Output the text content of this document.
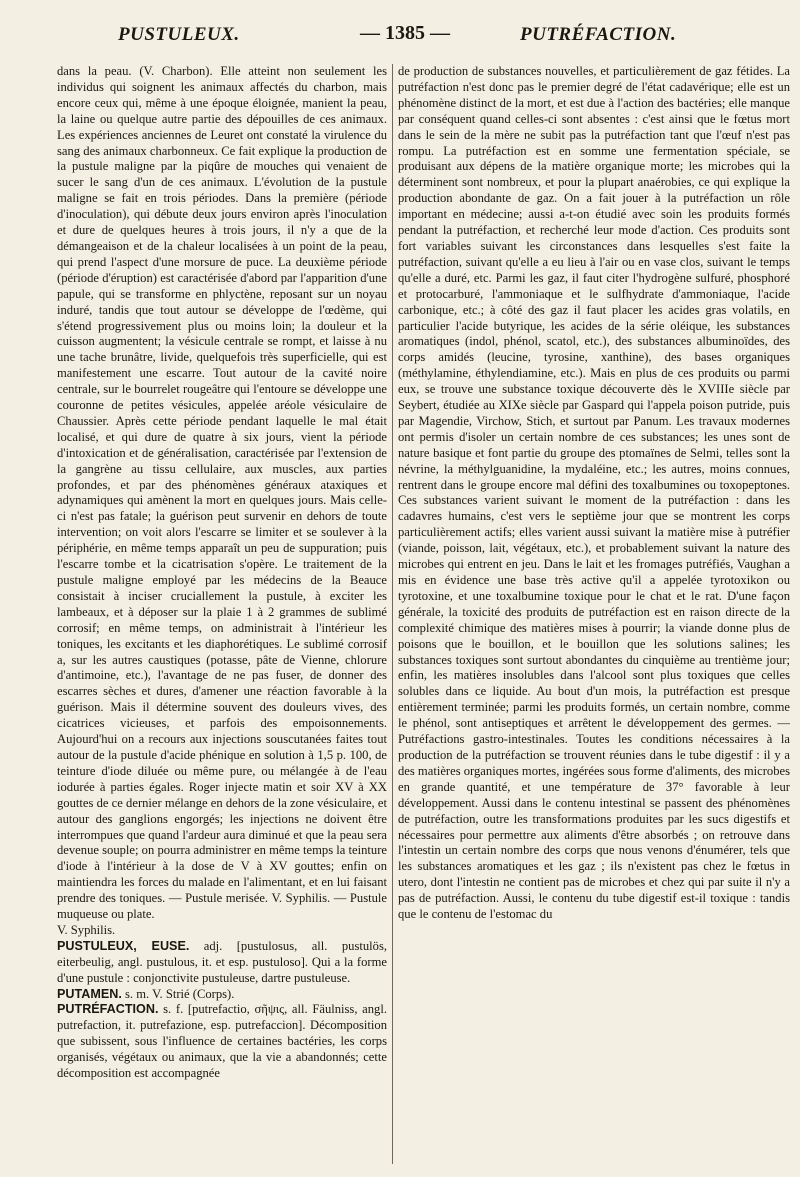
PUSTULEUX.	— 1385 —	PUTRÉFACTION.

dans la peau. (V. Charbon). Elle atteint non seulement les individus qui soignent les animaux affectés du charbon, mais encore ceux qui, même à une époque éloignée, manient la peau, la laine ou quelque autre partie des dépouilles de ces animaux. Les expériences anciennes de Leuret ont constaté la virulence du sang des animaux charbonneux. Ce fait explique la production de la pustule maligne par la piqûre de mouches qui venaient de sucer le sang d'un de ces animaux. L'évolution de la pustule maligne se fait en trois périodes. Dans la première (période d'inoculation), qui débute deux jours environ après l'inoculation et dure de quelques heures à trois jours, il n'y a que de la démangeaison et de la chaleur localisées à un point de la peau, qui prend l'aspect d'une morsure de puce. La deuxième période (période d'éruption) est caractérisée d'abord par l'apparition d'une papule, qui se transforme en phlyctène, reposant sur un noyau induré, tandis que tout autour se développe de l'œdème, qui s'étend progressivement plus ou moins loin; la douleur et la cuisson augmentent; la vésicule centrale se rompt, et laisse à nu une tache brunâtre, livide, quelquefois très superficielle, qui est manifestement une escarre. Tout autour de la cavité noire centrale, sur le bourrelet rougeâtre qui l'entoure se développe une couronne de petites vésicules, appelée aréole vésiculaire de Chaussier. Après cette période pendant laquelle le mal était localisé, et qui dure de quatre à six jours, vient la période d'intoxication et de généralisation, caractérisée par l'extension de la gangrène au tissu cellulaire, aux muscles, aux parties profondes, et par des phénomènes généraux ataxiques et adynamiques qui amènent la mort en quelques jours. Mais celle-ci n'est pas fatale; la guérison peut survenir en dehors de toute intervention; on voit alors l'escarre se limiter et se soulever à la périphérie, en même temps apparaît un peu de suppuration; puis l'escarre tombe et la cicatrisation s'opère. Le traitement de la pustule maligne employé par les médecins de la Beauce consistait à inciser cruciallement la pustule, à exciter les lambeaux, et à déposer sur la plaie 1 à 2 grammes de sublimé corrosif; en même temps, on administrait à l'intérieur les toniques, les excitants et les diaphorétiques. Le sublimé corrosif a, sur les autres caustiques (potasse, pâte de Vienne, chlorure d'antimoine, etc.), l'avantage de ne pas fuser, de donner des escarres sèches et dures, d'amener une réaction favorable à la guérison. Mais il détermine souvent des douleurs vives, des cicatrices vicieuses, et parfois des empoisonnements. Aujourd'hui on a recours aux injections souscutanées faites tout autour de la pustule d'acide phénique en solution à 1,5 p. 100, de teinture d'iode diluée ou même pure, ou mélangée à de l'eau iodurée à parties égales. Roger injecte matin et soir XV à XX gouttes de ce dernier mélange en dehors de la zone vésiculaire, et autour des ganglions engorgés; les injections ne doivent être interrompues que quand l'ardeur aura diminué et que la peau sera devenue souple; on pourra administrer en même temps la teinture d'iode à l'intérieur à la dose de V à XV gouttes; enfin on maintiendra les forces du malade en l'alimentant, et en lui faisant prendre des toniques. — Pustule merisée. V. Syphilis. — Pustule muqueuse ou plate.

V. Syphilis.

PUSTULEUX, EUSE. adj. [pustulosus, all. pustulös, eiterbeulig, angl. pustulous, it. et esp. pustuloso]. Qui a la forme d'une pustule : conjonctivite pustuleuse, dartre pustuleuse.

PUTAMEN. s. m. V. Strié (Corps).

PUTRÉFACTION. s. f. [putrefactio, σῆψις, all. Fäulniss, angl. putrefaction, it. putrefazione, esp. putrefaccion]. Décomposition que subissent, sous l'influence de certaines bactéries, les corps organisés, végétaux ou animaux, que la vie a abandonnés; cette décomposition est accompagnée

de production de substances nouvelles, et particulièrement de gaz fétides. La putréfaction n'est donc pas le premier degré de l'état cadavérique; elle est un phénomène distinct de la mort, et est due à l'action des bactéries; elle manque par conséquent quand celles-ci sont absentes : c'est ainsi que le fœtus mort dans le sein de la mère ne subit pas la putréfaction tant que l'œuf n'est pas rompu. La putréfaction est en somme une fermentation spéciale, se produisant aux dépens de la matière organique morte; les microbes qui la déterminent sont nombreux, et pour la plupart anaérobies, ce qui explique la production abondante de gaz. On a fait jouer à la putréfaction un rôle important en médecine; aussi a-t-on étudié avec soin les produits formés pendant la putréfaction, et recherché leur mode d'action. Ces produits sont fort variables suivant les circonstances dans lesquelles s'est faite la putréfaction, suivant qu'elle a eu lieu à l'air ou en vase clos, suivant le temps qu'elle a duré, etc. Parmi les gaz, il faut citer l'hydrogène sulfuré, phosphoré et protocarburé, l'ammoniaque et le sulfhydrate d'ammoniaque, l'acide carbonique, etc.; à côté des gaz il faut placer les acides gras volatils, en particulier l'acide butyrique, les acides de la série oléique, les substances aromatiques (indol, phénol, scatol, etc.), des substances albuminoïdes, des corps amidés (leucine, tyrosine, xanthine), des bases organiques (méthylamine, éthylendiamine, etc.). Mais en plus de ces produits ou parmi eux, se trouve une substance toxique découverte dès le XVIIIe siècle par Seybert, étudiée au XIXe siècle par Gaspard qui l'appela poison putride, puis par Magendie, Virchow, Stich, et surtout par Panum. Les travaux modernes ont permis d'isoler un certain nombre de ces substances; les unes sont de nature basique et font partie du groupe des ptomaïnes de Selmi, telles sont la névrine, la méthylguanidine, la mydaléine, etc.; les autres, moins connues, rentrent dans le groupe encore mal défini des toxalbumines ou toxopeptones. Ces substances varient suivant le moment de la putréfaction : dans les cadavres humains, c'est vers le septième jour que se montrent les corps particulièrement actifs; elles varient aussi suivant la matière mise à putréfier (viande, poisson, lait, végétaux, etc.), et probablement suivant la nature des microbes qui entrent en jeu. Dans le lait et les fromages putréfiés, Vaughan a mis en évidence une base très active qu'il a appelée tyrotoxikon ou tyrotoxine, et une toxalbumine toxique pour le chat et le rat. D'une façon générale, la toxicité des produits de putréfaction est en raison directe de la complexité chimique des matières mises à pourrir; la viande donne plus de poisons que le bouillon, et le bouillon que les solutions salines; les substances toxiques sont surtout abondantes du cinquième au trentième jour; enfin, les matières insolubles dans l'alcool sont plus toxiques que celles solubles dans ce liquide. Au bout d'un mois, la putréfaction est presque entièrement terminée; parmi les produits formés, un certain nombre, comme le phénol, sont antiseptiques et arrêtent le développement des germes. — Putréfactions gastro-intestinales. Toutes les conditions nécessaires à la production de la putréfaction se trouvent réunies dans le tube digestif : il y a des matières organiques mortes, ingérées sous forme d'aliments, des microbes en grande quantité, et une température de 37° favorable à leur développement. Aussi dans le contenu intestinal se passent des phénomènes de putréfaction, outre les transformations produites par les sucs digestifs et nécessaires pour permettre aux aliments d'être absorbés ; on retrouve dans l'intestin un certain nombre des corps que nous venons d'énumérer, tels que les substances aromatiques et les gaz ; ils n'existent pas chez le fœtus in utero, dont l'intestin ne contient pas de microbes et chez qui par suite il n'y a pas de putréfaction. Aussi, le contenu du tube digestif est-il toxique : tandis que le contenu de l'estomac du
